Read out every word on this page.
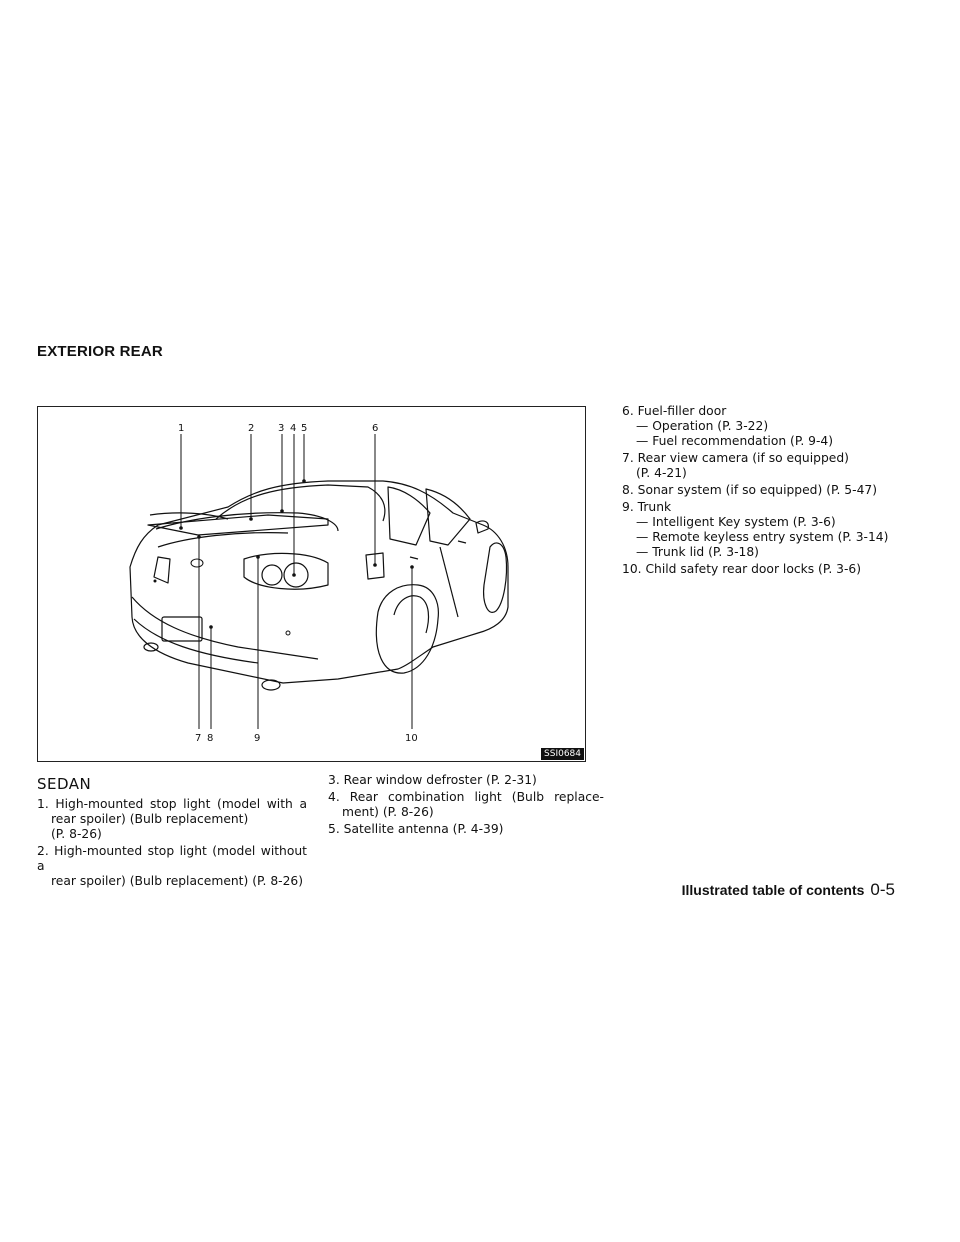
EXTERIOR REAR
1	2 3 4 5	6
7 8	9	10
SSI0684
SEDAN
1. High-mounted stop light (model with a
rear spoiler) (Bulb replacement)
(P. 8-26)
2. High-mounted stop light (model without a
rear spoiler) (Bulb replacement) (P. 8-26)
3. Rear window defroster (P. 2-31)
4. Rear combination light (Bulb replace-
ment) (P. 8-26)
5. Satellite antenna (P. 4-39)
6. Fuel-filler door
— Operation (P. 3-22)
— Fuel recommendation (P. 9-4)
7. Rear view camera (if so equipped)
(P. 4-21)
8. Sonar system (if so equipped) (P. 5-47)
9. Trunk
— Intelligent Key system (P. 3-6)
— Remote keyless entry system (P. 3-14)
— Trunk lid (P. 3-18)
10. Child safety rear door locks (P. 3-6)
Illustrated table of contents 0-5
